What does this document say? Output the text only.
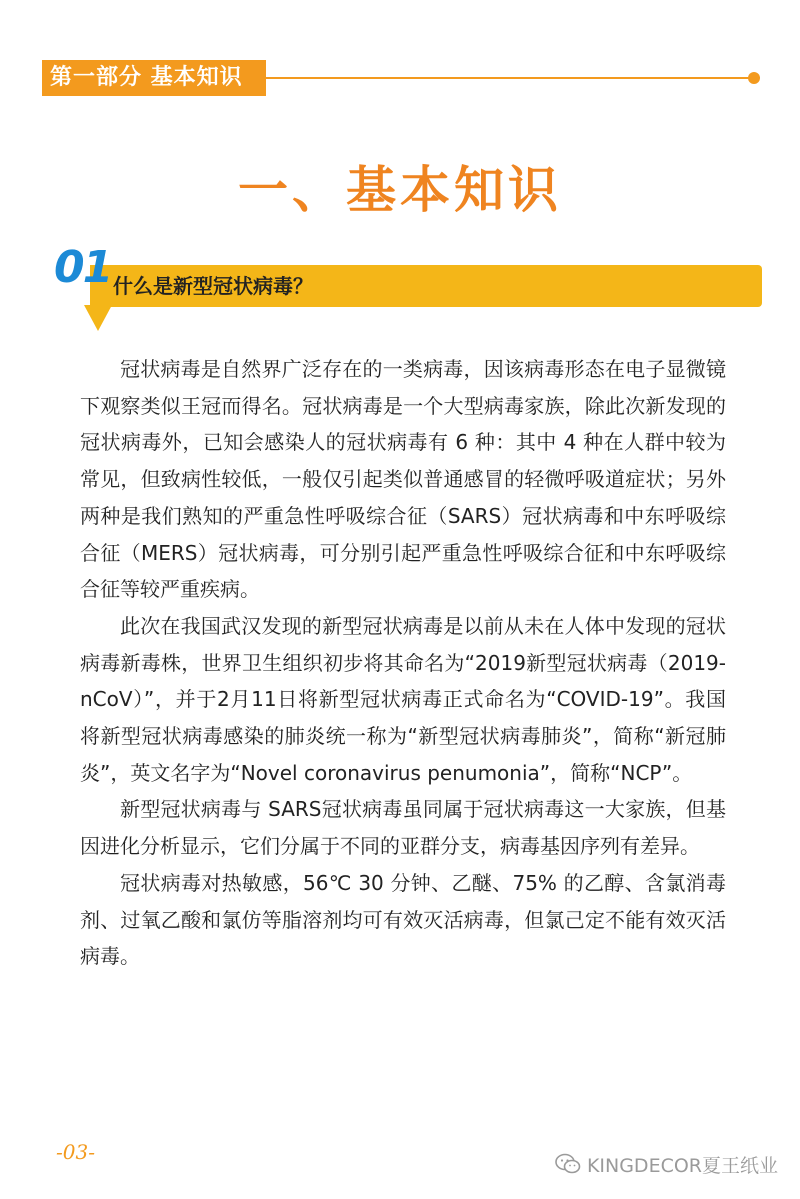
第一部分 基本知识
一、基本知识
01 什么是新型冠状病毒？

冠状病毒是自然界广泛存在的一类病毒，因该病毒形态在电子显微镜下观察类似王冠而得名。冠状病毒是一个大型病毒家族，除此次新发现的冠状病毒外，已知会感染人的冠状病毒有 6 种：其中 4 种在人群中较为常见，但致病性较低，一般仅引起类似普通感冒的轻微呼吸道症状；另外两种是我们熟知的严重急性呼吸综合征（SARS）冠状病毒和中东呼吸综合征（MERS）冠状病毒，可分别引起严重急性呼吸综合征和中东呼吸综合征等较严重疾病。

此次在我国武汉发现的新型冠状病毒是以前从未在人体中发现的冠状病毒新毒株，世界卫生组织初步将其命名为“2019新型冠状病毒（2019-nCoV）”，并于2月11日将新型冠状病毒正式命名为“COVID-19”。我国将新型冠状病毒感染的肺炎统一称为“新型冠状病毒肺炎”，简称“新冠肺炎”，英文名字为“Novel coronavirus penumonia”，简称“NCP”。

新型冠状病毒与 SARS冠状病毒虽同属于冠状病毒这一大家族，但基因进化分析显示，它们分属于不同的亚群分支，病毒基因序列有差异。

冠状病毒对热敏感，56℃ 30 分钟、乙醚、75% 的乙醇、含氯消毒剂、过氧乙酸和氯仿等脂溶剂均可有效灭活病毒，但氯己定不能有效灭活病毒。

-03-
KINGDECOR夏王纸业
